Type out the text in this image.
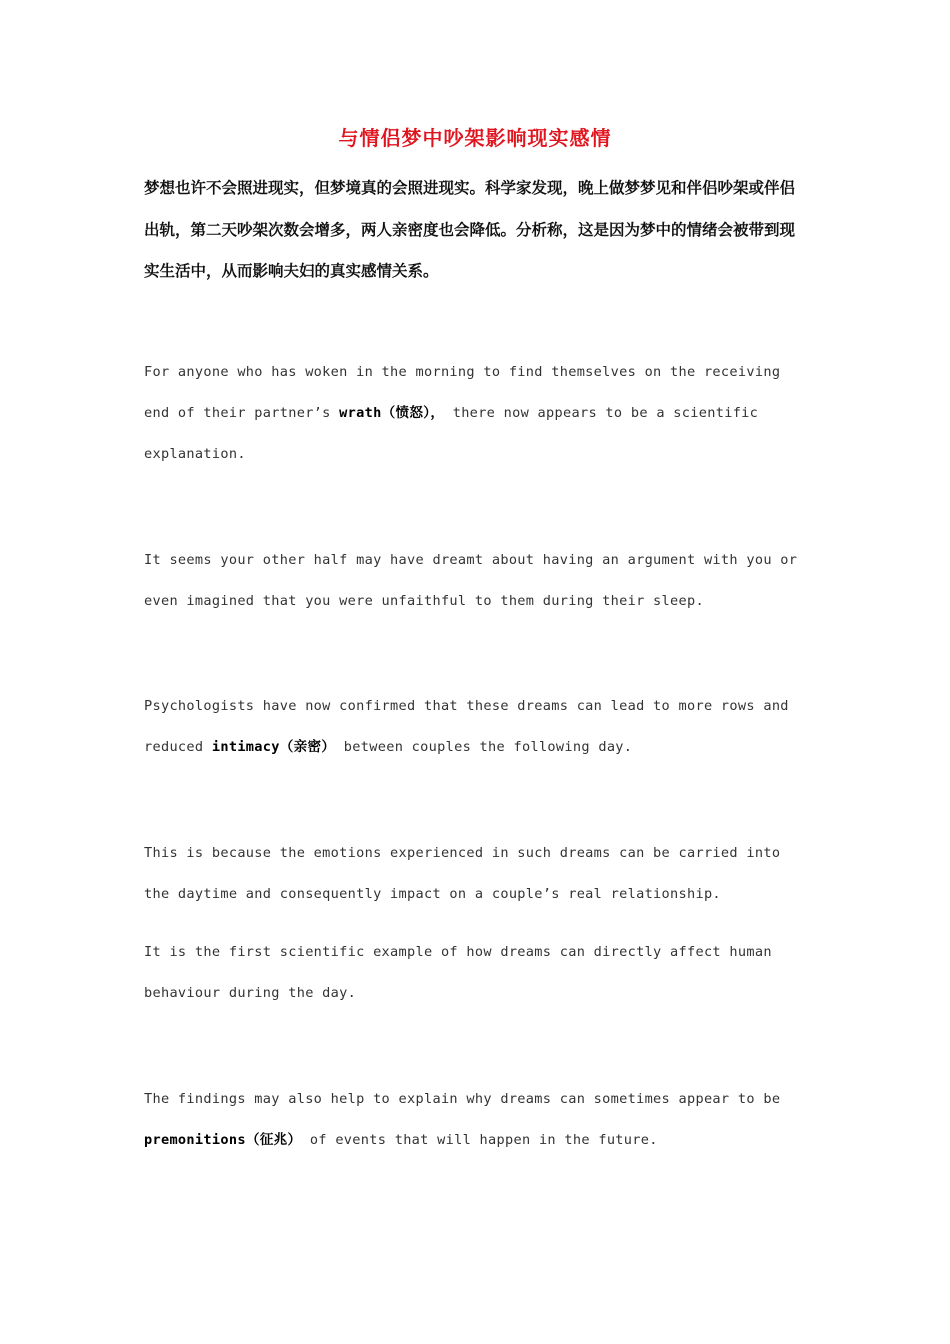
与情侣梦中吵架影响现实感情
梦想也许不会照进现实，但梦境真的会照进现实。科学家发现，晚上做梦梦见和伴侣吵架或伴侣出轨，第二天吵架次数会增多，两人亲密度也会降低。分析称，这是因为梦中的情绪会被带到现实生活中，从而影响夫妇的真实感情关系。
For anyone who has woken in the morning to find themselves on the receiving end of their partner’s wrath（愤怒）， there now appears to be a scientific explanation.
It seems your other half may have dreamt about having an argument with you or even imagined that you were unfaithful to them during their sleep.
Psychologists have now confirmed that these dreams can lead to more rows and reduced intimacy（亲密） between couples the following day.
This is because the emotions experienced in such dreams can be carried into the daytime and consequently impact on a couple’s real relationship.
It is the first scientific example of how dreams can directly affect human behaviour during the day.
The findings may also help to explain why dreams can sometimes appear to be premonitions（征兆） of events that will happen in the future.
